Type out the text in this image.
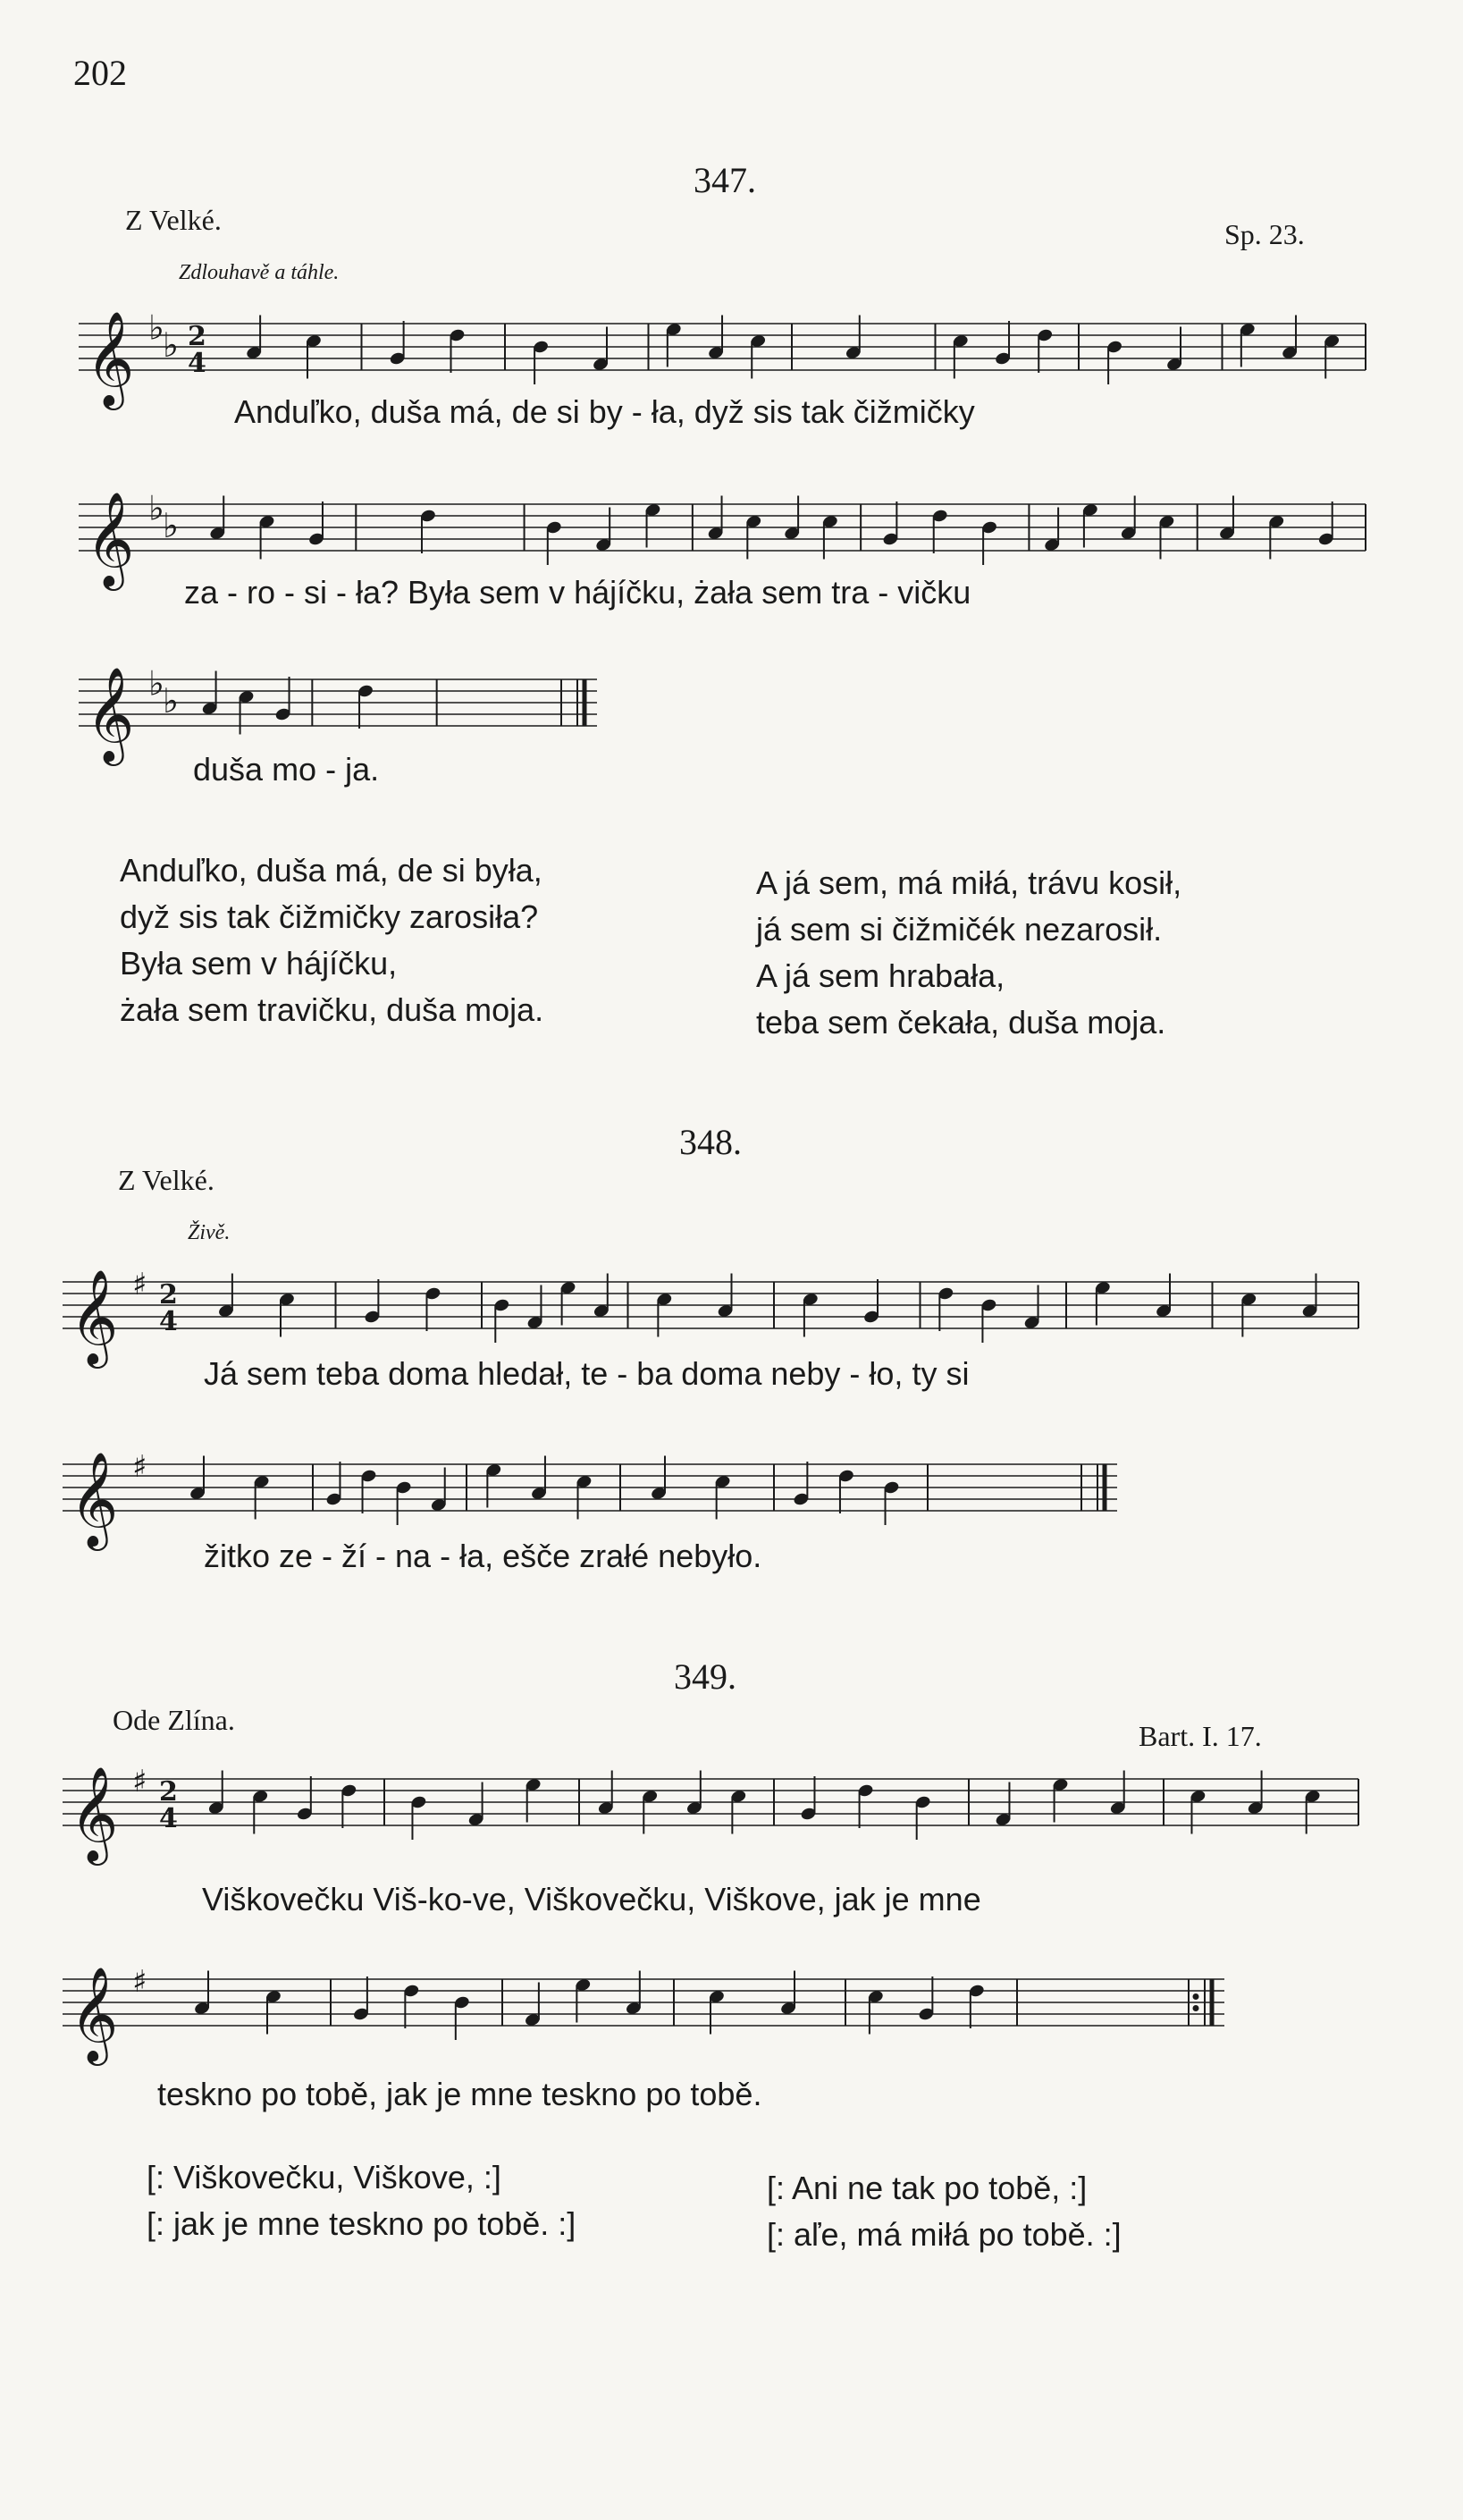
202
347.
Z Velké.	Sp. 23.
Zdlouhavě a táhle.
𝄞 ♭
♭ 2
4
Anduľko, duša má, de si by - ła, dyž sis tak čižmičky
𝄞 ♭
♭
za - ro - si - ła? Była sem v hájíčku, żała sem tra - vičku
𝄞 ♭
♭
duša mo - ja.
Anduľko, duša má, de si była,
dyž sis tak čižmičky zarosiła?
Była sem v hájíčku,
żała sem travičku, duša moja.
A já sem, má miłá, trávu kosił,
já sem si čižmičék nezarosił.
A já sem hrabała,
teba sem čekała, duša moja.
348.
Z Velké.
Živě.
𝄞 ♯ 2
4
Já sem teba doma hledał, te - ba doma neby - ło, ty si
𝄞 ♯
žitko ze - ží - na - ła, ešče zrałé nebyło.
349.
Ode Zlína.	Bart. I. 17.
𝄞 ♯ 2
4
Viškovečku Viš-ko-ve, Viškovečku, Viškove, jak je mne
𝄞 ♯
teskno po tobě, jak je mne teskno po tobě.
[: Viškovečku, Viškove, :]
[: jak je mne teskno po tobě. :]
[: Ani ne tak po tobě, :]
[: aľe, má miłá po tobě. :]
